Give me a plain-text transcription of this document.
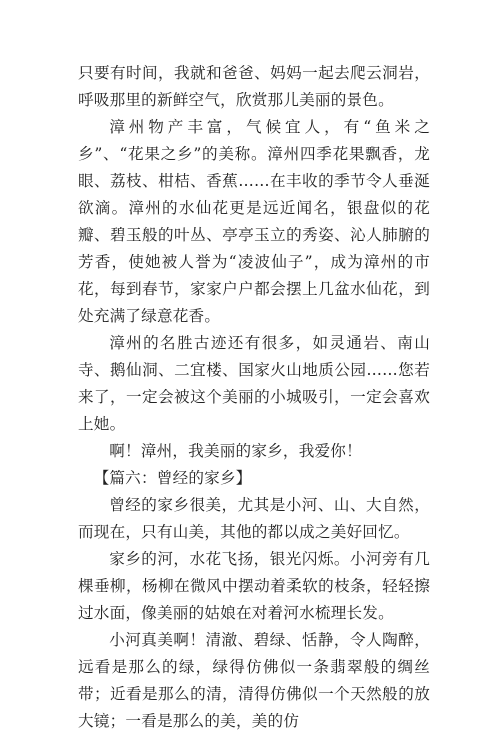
只要有时间，我就和爸爸、妈妈一起去爬云洞岩，呼吸那里的新鲜空气，欣赏那儿美丽的景色。

漳州物产丰富，气候宜人，有“鱼米之乡”、“花果之乡”的美称。漳州四季花果飘香，龙眼、荔枝、柑桔、香蕉……在丰收的季节令人垂涎欲滴。漳州的水仙花更是远近闻名，银盘似的花瓣、碧玉般的叶丛、亭亭玉立的秀姿、沁人肺腑的芳香，使她被人誉为“凌波仙子”，成为漳州的市花，每到春节，家家户户都会摆上几盆水仙花，到处充满了绿意花香。

漳州的名胜古迹还有很多，如灵通岩、南山寺、鹅仙洞、二宜楼、国家火山地质公园……您若来了，一定会被这个美丽的小城吸引，一定会喜欢上她。

啊！漳州，我美丽的家乡，我爱你！

【篇六：曾经的家乡】

曾经的家乡很美，尤其是小河、山、大自然，而现在，只有山美，其他的都以成之美好回忆。

家乡的河，水花飞扬，银光闪烁。小河旁有几棵垂柳，杨柳在微风中摆动着柔软的枝条，轻轻擦过水面，像美丽的姑娘在对着河水梳理长发。

小河真美啊！清澈、碧绿、恬静，令人陶醉，远看是那么的绿，绿得仿佛似一条翡翠般的绸丝带；近看是那么的清，清得仿佛似一个天然般的放大镜；一看是那么的美，美的仿
